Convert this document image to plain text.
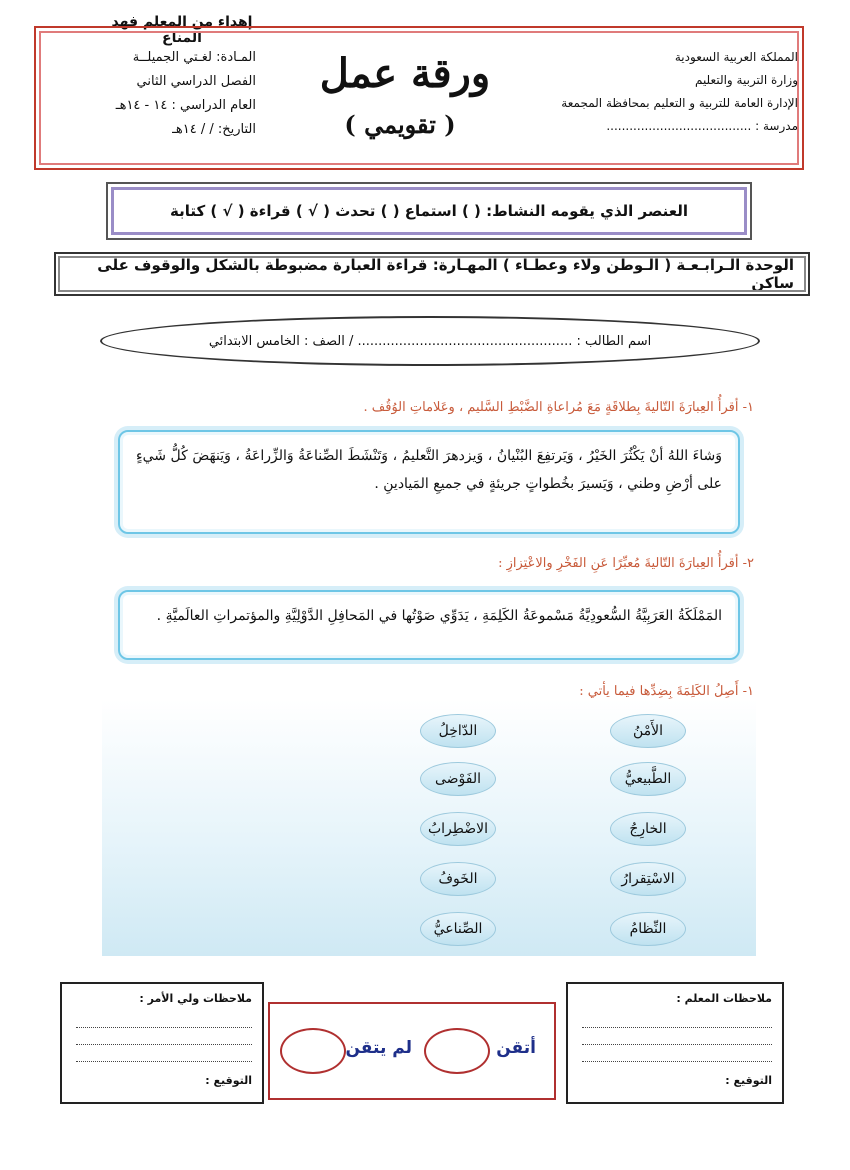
إهداء من المعلم فهد المناع
المملكة العربية السعودية
وزارة التربية والتعليم
الإدارة العامة للتربية و التعليم بمحافظة المجمعة
مدرسة : ......................................
ورقة عمل
( تقويمي )
المـادة: لغـتي الجميلــة
الفصل الدراسي الثاني
العام الدراسي : ١٤ - ١٤هـ
التاريخ: / / ١٤هـ
العنصر الذي يقومه النشاط: ( ) استماع ( ) تحدث ( √ ) قراءة ( √ ) كتابة
الوحدة الـرابـعـة ( الـوطن ولاء وعطـاء ) المهـارة: قراءة العبارة مضبوطة بالشكل والوقوف على ساكن
اسم الطالب : .................................................... / الصف : الخامس الابتدائي
١- أقرأُ العِبارَةَ التّاليةَ بِطلاقَةٍ مَعَ مُراعاةِ الضَّبْطِ السَّليم ، وعَلاماتِ الوُقُف .
وَشاءَ اللهُ أنْ يَكْثُرَ الخَيْرُ ، وَيَرتفِعَ البُنْيانُ ، وَيزدهرَ التَّعليمُ ، وَتَنْشَطَ الصِّناعَةُ وَالزِّراعَةُ ، وَيَنهَضَ كُلُّ شَيءٍ على أرْضِ وطني ، وَيَسيرَ بخُطواتٍ جريئةٍ في جميعِ المَيادينِ .
٢- أقرأُ العِبارَةَ التّاليةَ مُعبِّرًا عَنِ الفَخْرِ والاعْتِزازِ :
المَمْلَكَةُ العَرَبِيَّةُ السُّعودِيَّةُ مَسْموعَةُ الكَلِمَةِ ، يَدَوِّي صَوْتُها في المَحافِلِ الدَّوْلِيَّةِ والمؤتمراتِ العالَميَّةِ .
١- أَصِلُ الكَلِمَةَ بِضِدِّها فيما يأتي :
الأَمْنُ
الطَّبيعيُّ
الخارِجُ
الاسْتِقرارُ
النِّظامُ
الدّاخِلُ
الفَوْضى
الاضْطِرابُ
الخَوفُ
الصِّناعيُّ
ملاحظات المعلم :
التوقيع :
ملاحظات ولي الأمر :
التوقيع :
أتقن
لم يتقن
